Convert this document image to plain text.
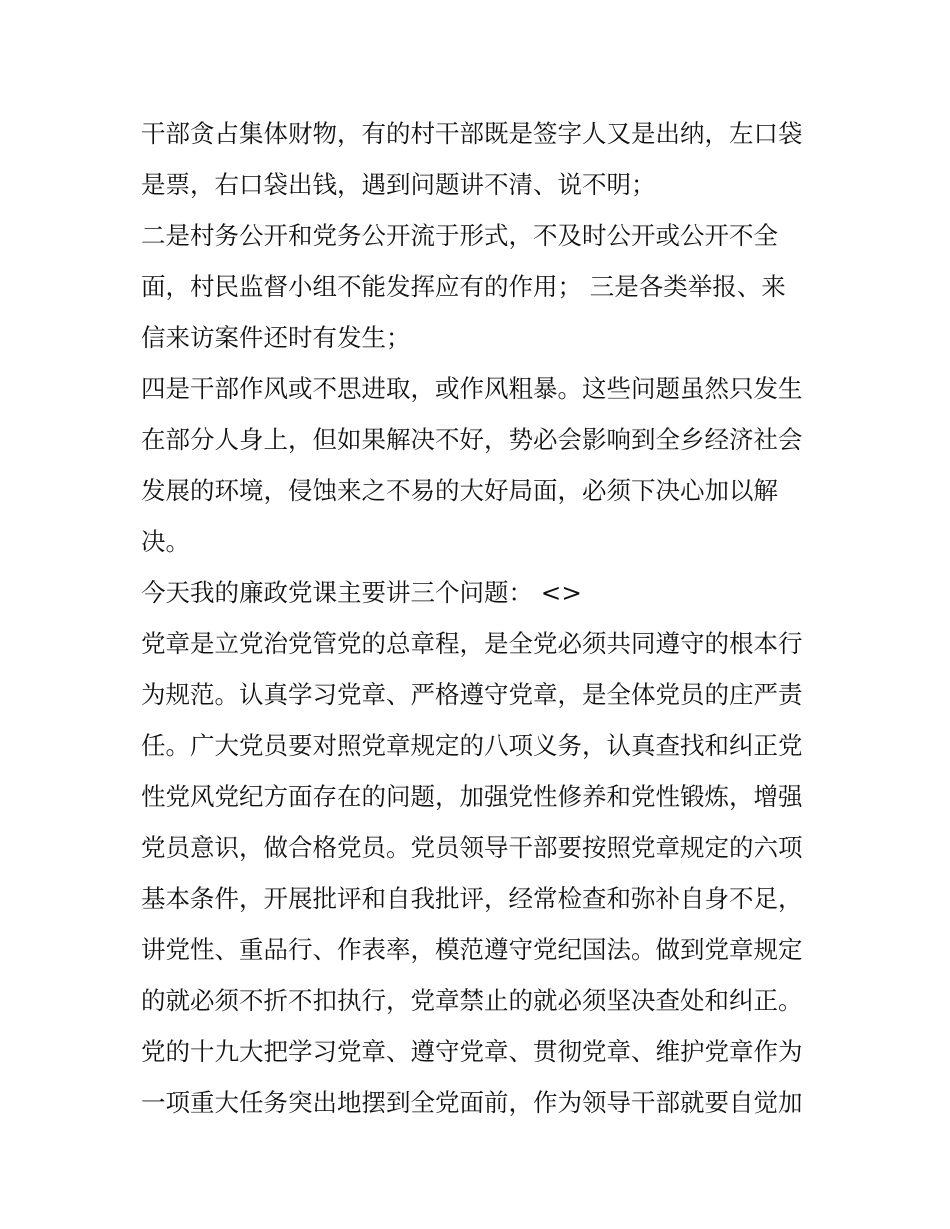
干部贪占集体财物，有的村干部既是签字人又是出纳，左口袋
是票，右口袋出钱，遇到问题讲不清、说不明；
二是村务公开和党务公开流于形式，不及时公开或公开不全
面，村民监督小组不能发挥应有的作用； 三是各类举报、来
信来访案件还时有发生；
四是干部作风或不思进取，或作风粗暴。这些问题虽然只发生
在部分人身上，但如果解决不好，势必会影响到全乡经济社会
发展的环境，侵蚀来之不易的大好局面，必须下决心加以解
决。
今天我的廉政党课主要讲三个问题： <>
党章是立党治党管党的总章程，是全党必须共同遵守的根本行
为规范。认真学习党章、严格遵守党章，是全体党员的庄严责
任。广大党员要对照党章规定的八项义务，认真查找和纠正党
性党风党纪方面存在的问题，加强党性修养和党性锻炼，增强
党员意识，做合格党员。党员领导干部要按照党章规定的六项
基本条件，开展批评和自我批评，经常检查和弥补自身不足，
讲党性、重品行、作表率，模范遵守党纪国法。做到党章规定
的就必须不折不扣执行，党章禁止的就必须坚决查处和纠正。
党的十九大把学习党章、遵守党章、贯彻党章、维护党章作为
一项重大任务突出地摆到全党面前，作为领导干部就要自觉加
